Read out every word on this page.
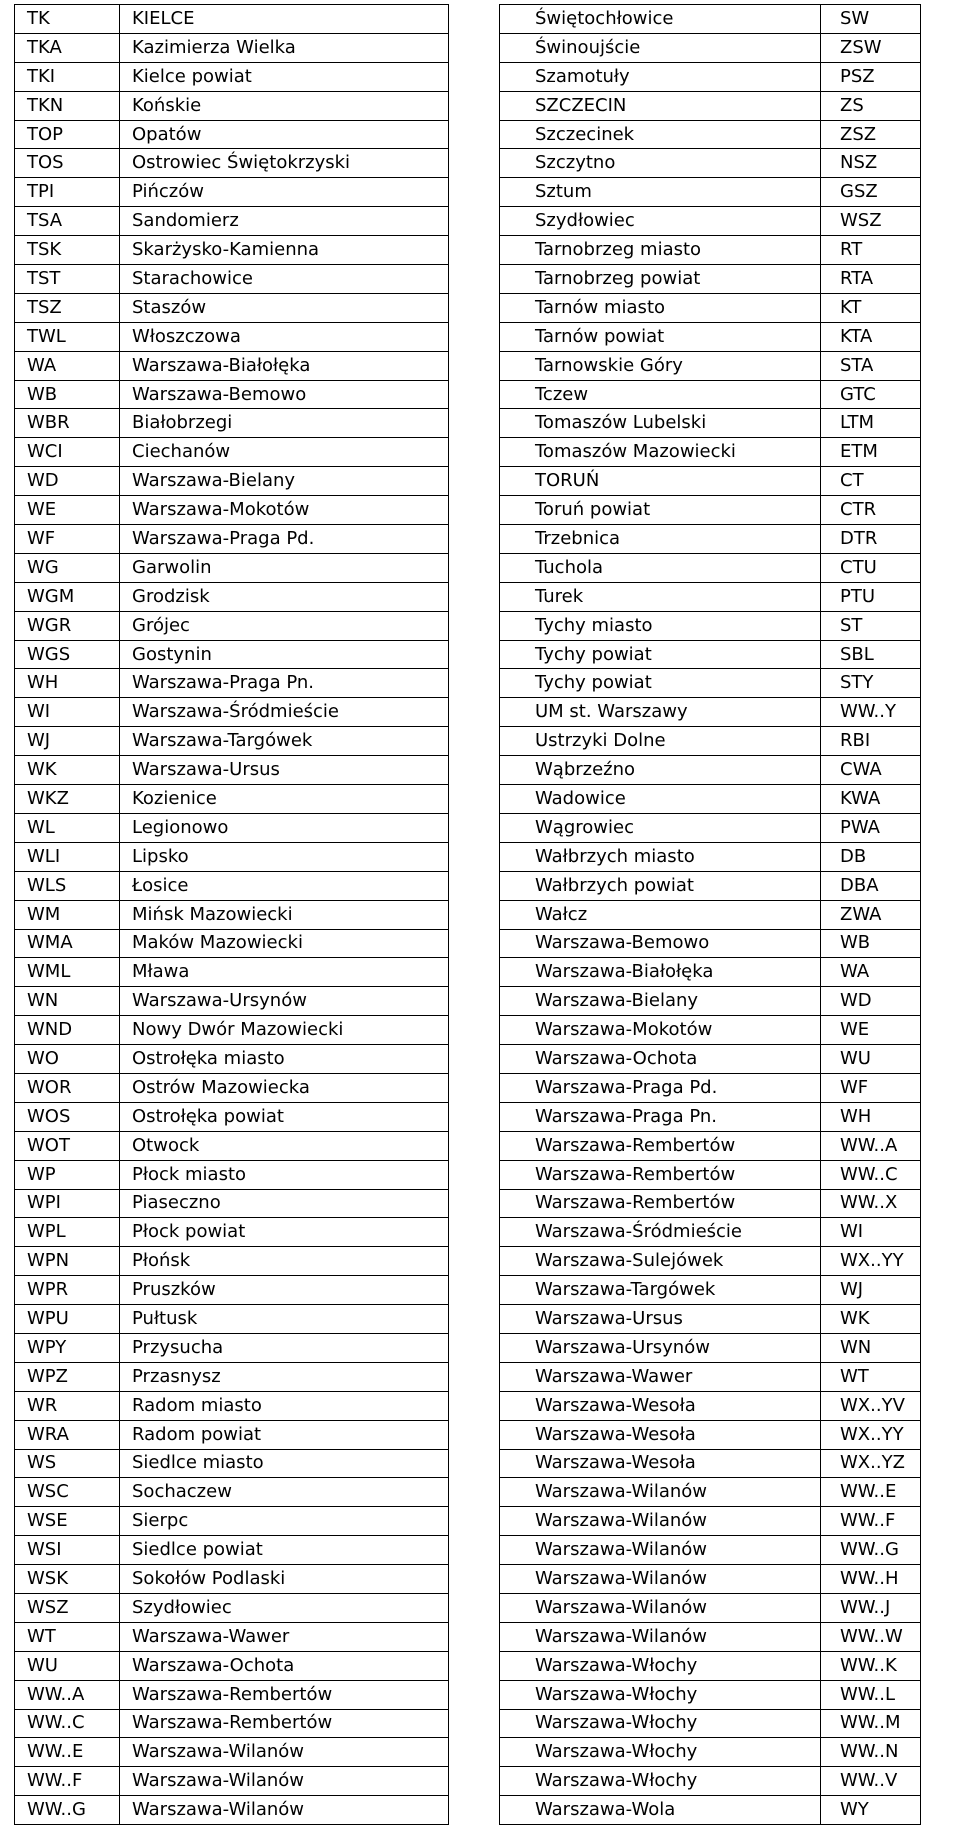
TK	KIELCE
TKA	Kazimierza Wielka
TKI	Kielce powiat
TKN	Końskie
TOP	Opatów
TOS	Ostrowiec Świętokrzyski
TPI	Pińczów
TSA	Sandomierz
TSK	Skarżysko-Kamienna
TST	Starachowice
TSZ	Staszów
TWL	Włoszczowa
WA	Warszawa-Białołęka
WB	Warszawa-Bemowo
WBR	Białobrzegi
WCI	Ciechanów
WD	Warszawa-Bielany
WE	Warszawa-Mokotów
WF	Warszawa-Praga Pd.
WG	Garwolin
WGM	Grodzisk
WGR	Grójec
WGS	Gostynin
WH	Warszawa-Praga Pn.
WI	Warszawa-Śródmieście
WJ	Warszawa-Targówek
WK	Warszawa-Ursus
WKZ	Kozienice
WL	Legionowo
WLI	Lipsko
WLS	Łosice
WM	Mińsk Mazowiecki
WMA	Maków Mazowiecki
WML	Mława
WN	Warszawa-Ursynów
WND	Nowy Dwór Mazowiecki
WO	Ostrołęka miasto
WOR	Ostrów Mazowiecka
WOS	Ostrołęka powiat
WOT	Otwock
WP	Płock miasto
WPI	Piaseczno
WPL	Płock powiat
WPN	Płońsk
WPR	Pruszków
WPU	Pułtusk
WPY	Przysucha
WPZ	Przasnysz
WR	Radom miasto
WRA	Radom powiat
WS	Siedlce miasto
WSC	Sochaczew
WSE	Sierpc
WSI	Siedlce powiat
WSK	Sokołów Podlaski
WSZ	Szydłowiec
WT	Warszawa-Wawer
WU	Warszawa-Ochota
WW..A	Warszawa-Rembertów
WW..C	Warszawa-Rembertów
WW..E	Warszawa-Wilanów
WW..F	Warszawa-Wilanów
WW..G	Warszawa-Wilanów
Świętochłowice	SW
Świnoujście	ZSW
Szamotuły	PSZ
SZCZECIN	ZS
Szczecinek	ZSZ
Szczytno	NSZ
Sztum	GSZ
Szydłowiec	WSZ
Tarnobrzeg miasto	RT
Tarnobrzeg powiat	RTA
Tarnów miasto	KT
Tarnów powiat	KTA
Tarnowskie Góry	STA
Tczew	GTC
Tomaszów Lubelski	LTM
Tomaszów Mazowiecki	ETM
TORUŃ	CT
Toruń powiat	CTR
Trzebnica	DTR
Tuchola	CTU
Turek	PTU
Tychy miasto	ST
Tychy powiat	SBL
Tychy powiat	STY
UM st. Warszawy	WW..Y
Ustrzyki Dolne	RBI
Wąbrzeźno	CWA
Wadowice	KWA
Wągrowiec	PWA
Wałbrzych miasto	DB
Wałbrzych powiat	DBA
Wałcz	ZWA
Warszawa-Bemowo	WB
Warszawa-Białołęka	WA
Warszawa-Bielany	WD
Warszawa-Mokotów	WE
Warszawa-Ochota	WU
Warszawa-Praga Pd.	WF
Warszawa-Praga Pn.	WH
Warszawa-Rembertów	WW..A
Warszawa-Rembertów	WW..C
Warszawa-Rembertów	WW..X
Warszawa-Śródmieście	WI
Warszawa-Sulejówek	WX..YY
Warszawa-Targówek	WJ
Warszawa-Ursus	WK
Warszawa-Ursynów	WN
Warszawa-Wawer	WT
Warszawa-Wesoła	WX..YV
Warszawa-Wesoła	WX..YY
Warszawa-Wesoła	WX..YZ
Warszawa-Wilanów	WW..E
Warszawa-Wilanów	WW..F
Warszawa-Wilanów	WW..G
Warszawa-Wilanów	WW..H
Warszawa-Wilanów	WW..J
Warszawa-Wilanów	WW..W
Warszawa-Włochy	WW..K
Warszawa-Włochy	WW..L
Warszawa-Włochy	WW..M
Warszawa-Włochy	WW..N
Warszawa-Włochy	WW..V
Warszawa-Wola	WY
